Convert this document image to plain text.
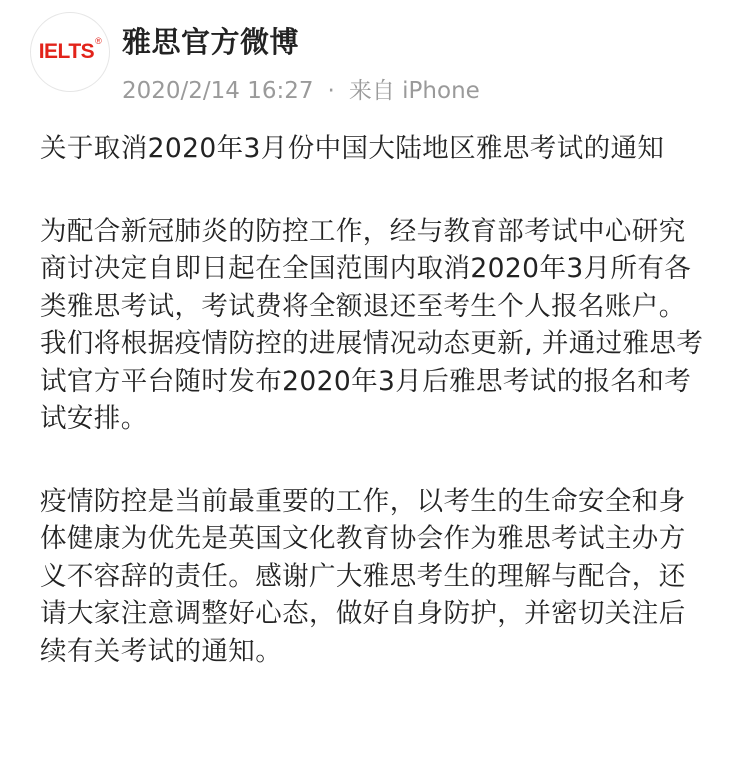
IELTS® 雅思官方微博
2020/2/14 16:27 · 来自 iPhone

关于取消2020年3月份中国大陆地区雅思考试的通知

为配合新冠肺炎的防控工作，经与教育部考试中心研究商讨决定自即日起在全国范围内取消2020年3月所有各类雅思考试，考试费将全额退还至考生个人报名账户。我们将根据疫情防控的进展情况动态更新, 并通过雅思考试官方平台随时发布2020年3月后雅思考试的报名和考试安排。

疫情防控是当前最重要的工作，以考生的生命安全和身体健康为优先是英国文化教育协会作为雅思考试主办方义不容辞的责任。感谢广大雅思考生的理解与配合，还请大家注意调整好心态，做好自身防护，并密切关注后续有关考试的通知。
